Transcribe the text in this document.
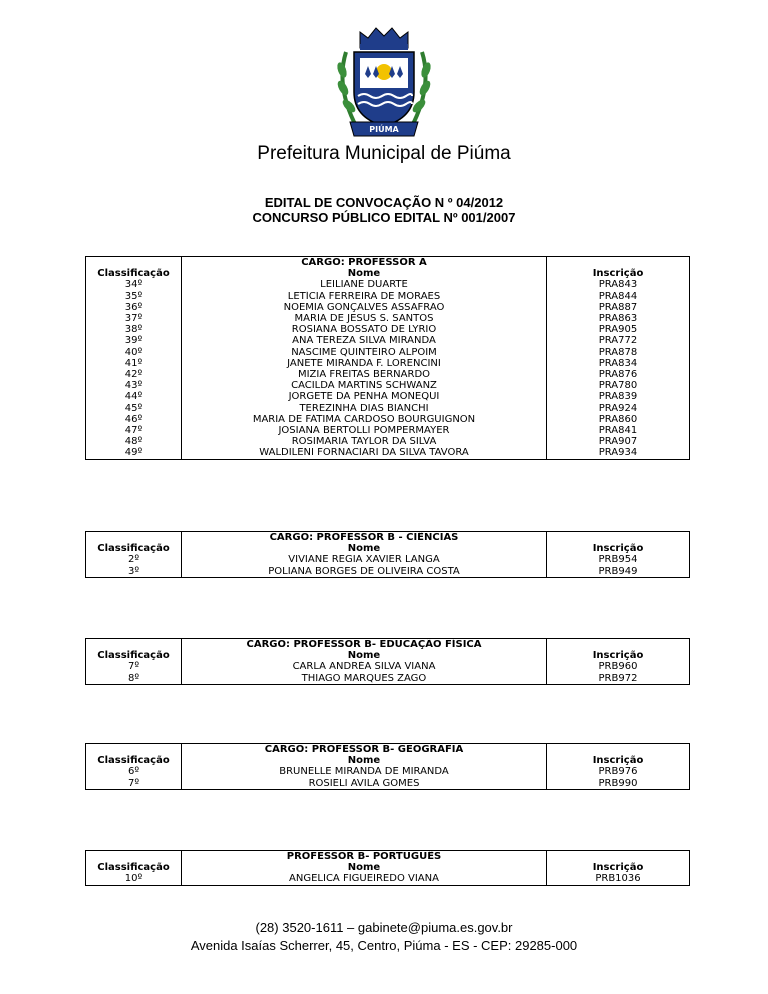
PIÚMA
Prefeitura Municipal de Piúma
EDITAL DE CONVOCAÇÃO N º 04/2012
CONCURSO PÚBLICO EDITAL Nº 001/2007
	CARGO: PROFESSOR A	
Classificação	Nome	Inscrição
34º	LEILIANE DUARTE	PRA843
35º	LETÍCIA FERREIRA DE MORAES	PRA844
36º	NOEMIA GONÇALVES ASSAFRÃO	PRA887
37º	MARIA DE JESUS S. SANTOS	PRA863
38º	ROSIANA BOSSATO DE LYRIO	PRA905
39º	ANA TEREZA SILVA MIRANDA	PRA772
40º	NASCIME QUINTEIRO ALPOIM	PRA878
41º	JANETE MIRANDA F. LORENCINI	PRA834
42º	MIZIA FREITAS BERNARDO	PRA876
43º	CACILDA MARTINS SCHWANZ	PRA780
44º	JORGETE DA PENHA MONEQUI	PRA839
45º	TEREZINHA DIAS BIANCHI	PRA924
46º	MARIA DE FÁTIMA CARDOSO BOURGUIGNON	PRA860
47º	JOSIANA BERTOLLI POMPERMAYER	PRA841
48º	ROSIMARIA TAYLOR DA SILVA	PRA907
49º	WALDILENI FORNACIARI DA SILVA TAVORA	PRA934
	CARGO: PROFESSOR B - CIÊNCIAS	
Classificação	Nome	Inscrição
2º	VIVIANE REGIA XAVIER LANGA	PRB954
3º	POLIANA BORGES DE OLIVEIRA COSTA	PRB949
	CARGO: PROFESSOR B- EDUCAÇÃO FÍSICA	
Classificação	Nome	Inscrição
7º	CARLA ANDRÉA SILVA VIANA	PRB960
8º	THIAGO MARQUES ZAGO	PRB972
	CARGO: PROFESSOR B- GEOGRAFIA	
Classificação	Nome	Inscrição
6º	BRUNELLE MIRANDA DE MIRANDA	PRB976
7º	ROSIELI AVILA GOMES	PRB990
	PROFESSOR B- PORTUGUÊS	
Classificação	Nome	Inscrição
10º	ANGELICA FIGUEIREDO VIANA	PRB1036
(28) 3520-1611 – gabinete@piuma.es.gov.br
Avenida Isaías Scherrer, 45, Centro, Piúma - ES - CEP: 29285-000
